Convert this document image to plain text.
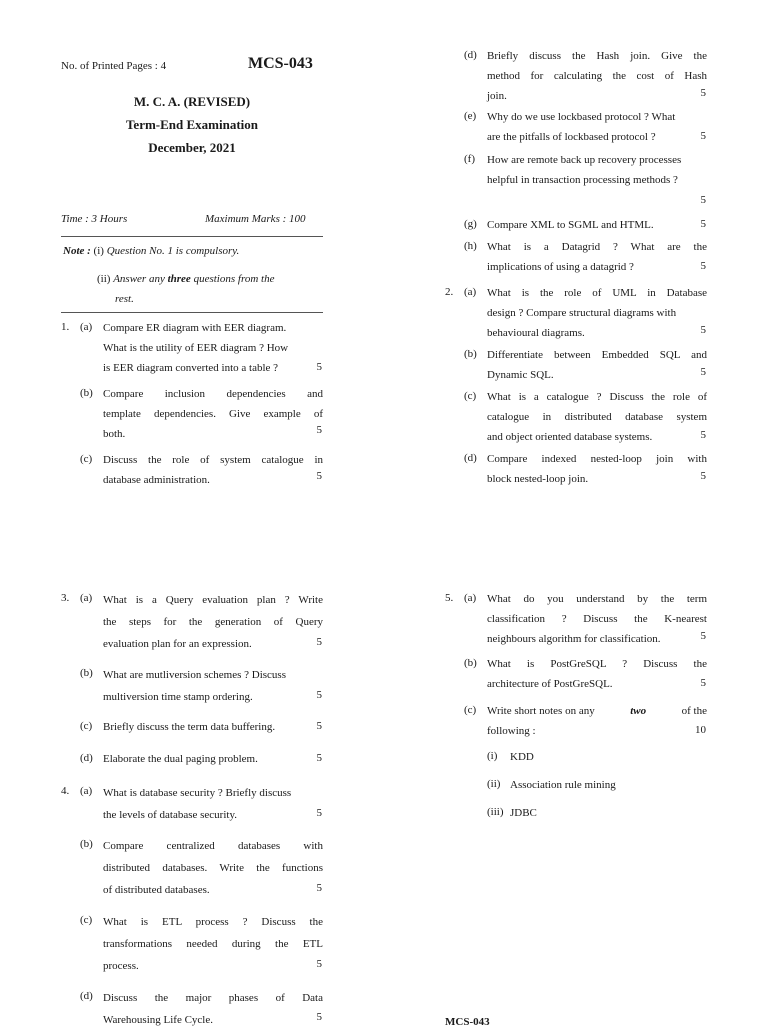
No. of Printed Pages : 4	MCS-043
M. C. A. (REVISED)
Term-End Examination
December, 2021
Time : 3 Hours	Maximum Marks : 100
Note : (i) Question No. 1 is compulsory.
(ii) Answer any three questions from the
rest.
1. (a) Compare ER diagram with EER diagram.
What is the utility of EER diagram ? How
is EER diagram converted into a table ?	5
(b) Compare inclusion dependencies and
template dependencies. Give example of
both.	5
(c) Discuss the role of system catalogue in
database administration.	5
(d) Briefly discuss the Hash join. Give the
method for calculating the cost of Hash
join.	5
(e) Why do we use lockbased protocol ? What
are the pitfalls of lockbased protocol ?	5
(f) How are remote back up recovery processes
helpful in transaction processing methods ?
5
(g) Compare XML to SGML and HTML.	5
(h) What is a Datagrid ? What are the
implications of using a datagrid ?	5
2. (a) What is the role of UML in Database
design ? Compare structural diagrams with
behavioural diagrams.	5
(b) Differentiate between Embedded SQL and
Dynamic SQL.	5
(c) What is a catalogue ? Discuss the role of
catalogue in distributed database system
and object oriented database systems.	5
(d) Compare indexed nested-loop join with
block nested-loop join.	5
3. (a) What is a Query evaluation plan ? Write
the steps for the generation of Query
evaluation plan for an expression.	5
(b) What are mutliversion schemes ? Discuss
multiversion time stamp ordering.	5
(c) Briefly discuss the term data buffering.	5
(d) Elaborate the dual paging problem.	5
4. (a) What is database security ? Briefly discuss
the levels of database security.	5
(b) Compare centralized databases with
distributed databases. Write the functions
of distributed databases.	5
(c) What is ETL process ? Discuss the
transformations needed during the ETL
process.	5
(d) Discuss the major phases of Data
Warehousing Life Cycle.	5
5. (a) What do you understand by the term
classification ? Discuss the K-nearest
neighbours algorithm for classification.	5
(b) What is PostGreSQL ? Discuss the
architecture of PostGreSQL.	5
(c) Write short notes on any	two	of the
following :	10
(i) KDD
(ii) Association rule mining
(iii) JDBC
MCS-043
